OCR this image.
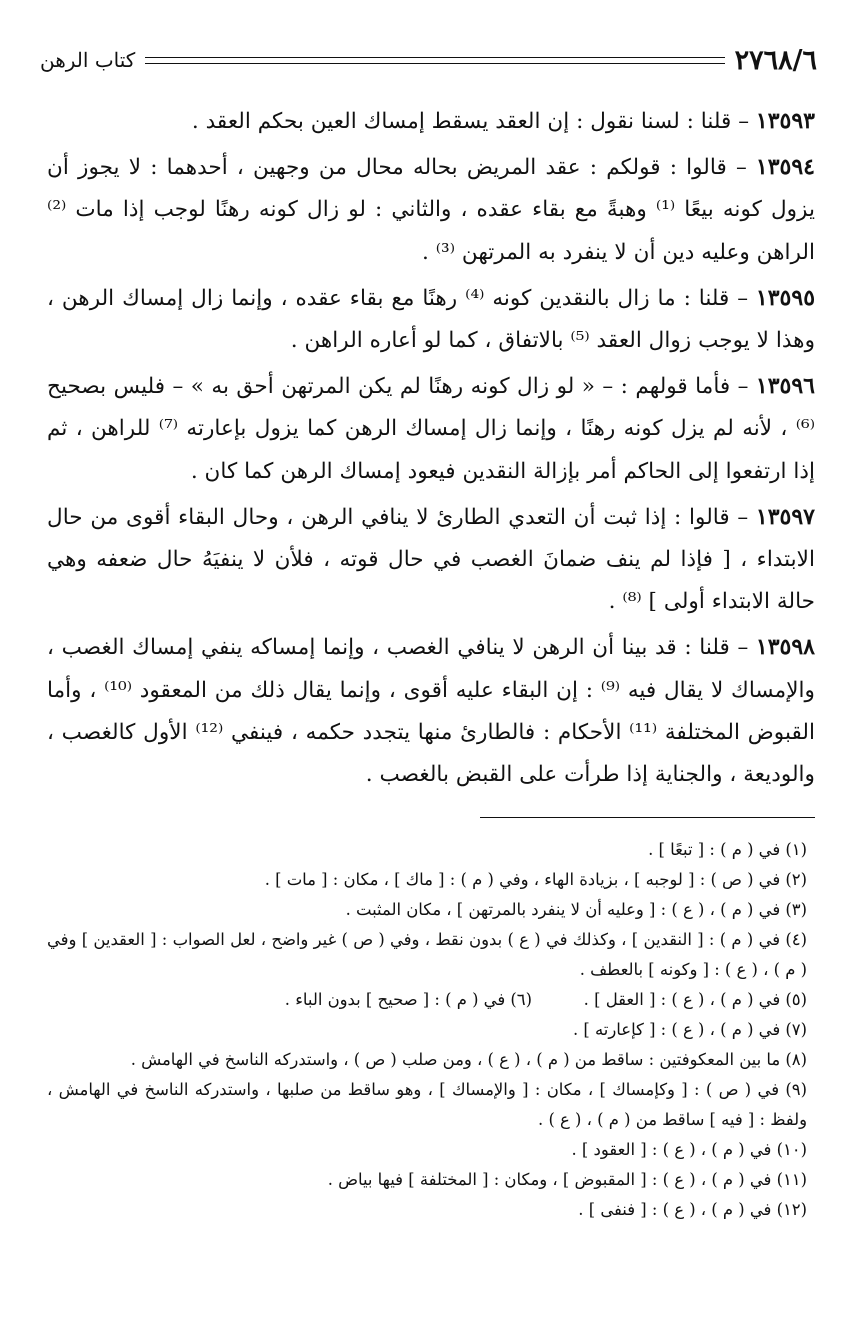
٢٧٦٨/٦
كتاب الرهن

١٣٥٩٣ – قلنا : لسنا نقول : إن العقد يسقط إمساك العين بحكم العقد .

١٣٥٩٤ – قالوا : قولكم : عقد المريض بحاله محال من وجهين ، أحدهما : لا يجوز أن يزول كونه بيعًا ⁽¹⁾ وهبةً مع بقاء عقده ، والثاني : لو زال كونه رهنًا لوجب إذا مات ⁽²⁾ الراهن وعليه دين أن لا ينفرد به المرتهن ⁽³⁾ .

١٣٥٩٥ – قلنا : ما زال بالنقدين كونه ⁽⁴⁾ رهنًا مع بقاء عقده ، وإنما زال إمساك الرهن ، وهذا لا يوجب زوال العقد ⁽⁵⁾ بالاتفاق ، كما لو أعاره الراهن .

١٣٥٩٦ – فأما قولهم : – « لو زال كونه رهنًا لم يكن المرتهن أحق به » – فليس بصحيح ⁽⁶⁾ ، لأنه لم يزل كونه رهنًا ، وإنما زال إمساك الرهن كما يزول بإعارته ⁽⁷⁾ للراهن ، ثم إذا ارتفعوا إلى الحاكم أمر بإزالة النقدين فيعود إمساك الرهن كما كان .

١٣٥٩٧ – قالوا : إذا ثبت أن التعدي الطارئ لا ينافي الرهن ، وحال البقاء أقوى من حال الابتداء ، [ فإذا لم ينف ضمانَ الغصب في حال قوته ، فلأن لا ينفيَهُ حال ضعفه وهي حالة الابتداء أولى ] ⁽⁸⁾ .

١٣٥٩٨ – قلنا : قد بينا أن الرهن لا ينافي الغصب ، وإنما إمساكه ينفي إمساك الغصب ، والإمساك لا يقال فيه ⁽⁹⁾ : إن البقاء عليه أقوى ، وإنما يقال ذلك من المعقود ⁽¹⁰⁾ ، وأما القبوض المختلفة ⁽¹¹⁾ الأحكام : فالطارئ منها يتجدد حكمه ، فينفي ⁽¹²⁾ الأول كالغصب ، والوديعة ، والجناية إذا طرأت على القبض بالغصب .

(١) في ( م ) : [ تبعًا ] .
(٢) في ( ص ) : [ لوجبه ] ، بزيادة الهاء ، وفي ( م ) : [ ماك ] ، مكان : [ مات ] .
(٣) في ( م ) ، ( ع ) : [ وعليه أن لا ينفرد بالمرتهن ] ، مكان المثبت .
(٤) في ( م ) : [ النقدين ] ، وكذلك في ( ع ) بدون نقط ، وفي ( ص ) غير واضح ، لعل الصواب : [ العقدين ] وفي ( م ) ، ( ع ) : [ وكونه ] بالعطف .
(٥) في ( م ) ، ( ع ) : [ العقل ] .
(٦) في ( م ) : [ صحيح ] بدون الباء .
(٧) في ( م ) ، ( ع ) : [ كإعارته ] .
(٨) ما بين المعكوفتين : ساقط من ( م ) ، ( ع ) ، ومن صلب ( ص ) ، واستدركه الناسخ في الهامش .
(٩) في ( ص ) : [ وكإمساك ] ، مكان : [ والإمساك ] ، وهو ساقط من صلبها ، واستدركه الناسخ في الهامش ، ولفظ : [ فيه ] ساقط من ( م ) ، ( ع ) .
(١٠) في ( م ) ، ( ع ) : [ العقود ] .
(١١) في ( م ) ، ( ع ) : [ المقبوض ] ، ومكان : [ المختلفة ] فيها بياض .
(١٢) في ( م ) ، ( ع ) : [ فنفى ] .
